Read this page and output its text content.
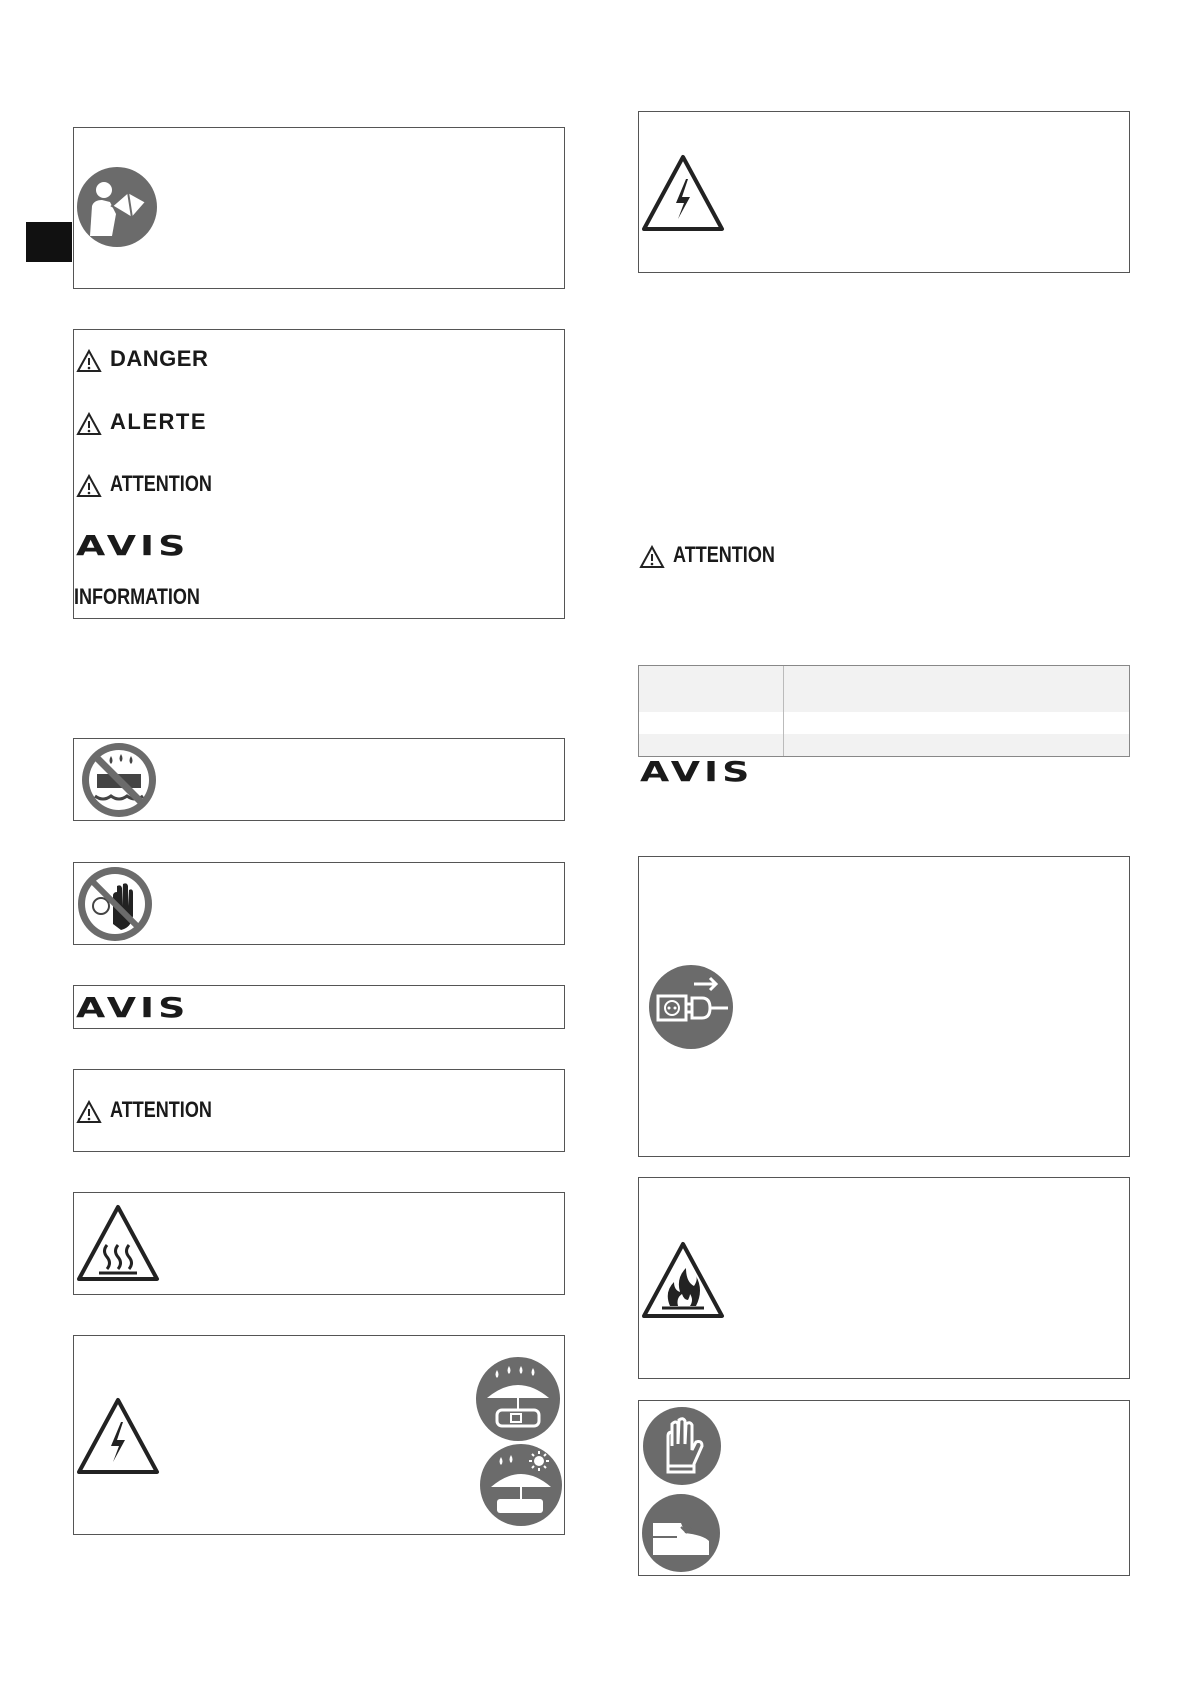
DANGER
ALERTE
ATTENTION
AVIS
INFORMATION
AVIS
ATTENTION
ATTENTION
AVIS
